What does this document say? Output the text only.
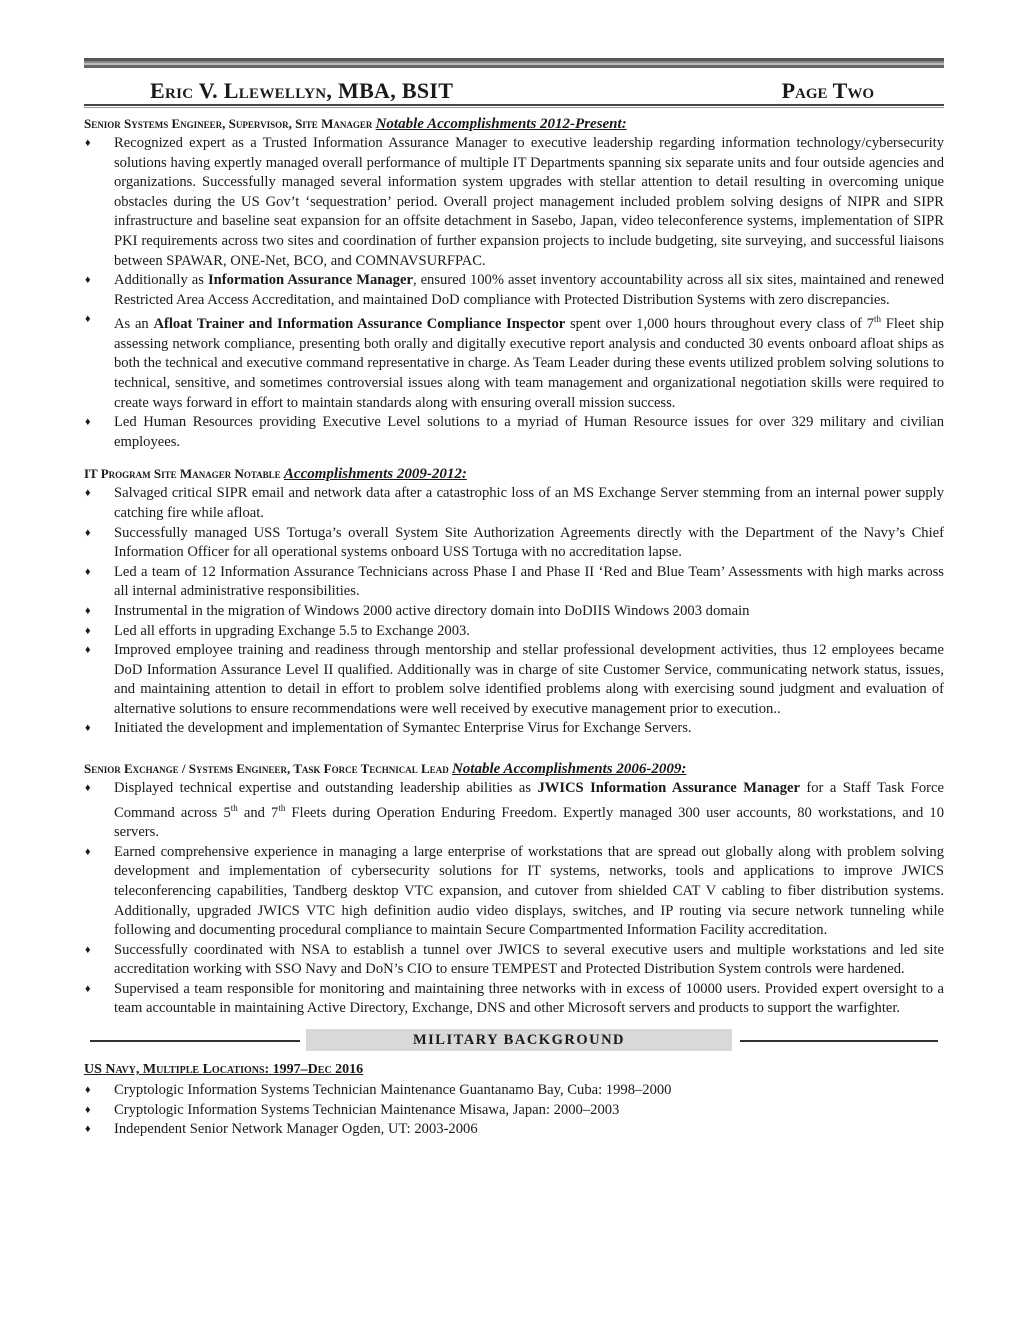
Eric V. Llewellyn, MBA, BSIT	Page Two
Senior Systems Engineer, Supervisor, Site Manager Notable Accomplishments 2012-Present:
♦ Recognized expert as a Trusted Information Assurance Manager to executive leadership regarding information technology/cybersecurity solutions having expertly managed overall performance of multiple IT Departments spanning six separate units and four outside agencies and organizations. Successfully managed several information system upgrades with stellar attention to detail resulting in overcoming unique obstacles during the US Gov’t ‘sequestration’ period. Overall project management included problem solving designs of NIPR and SIPR infrastructure and baseline seat expansion for an offsite detachment in Sasebo, Japan, video teleconference systems, implementation of SIPR PKI requirements across two sites and coordination of further expansion projects to include budgeting, site surveying, and successful liaisons between SPAWAR, ONE-Net, BCO, and COMNAVSURFPAC.
♦ Additionally as Information Assurance Manager, ensured 100% asset inventory accountability across all six sites, maintained and renewed Restricted Area Access Accreditation, and maintained DoD compliance with Protected Distribution Systems with zero discrepancies.
♦ As an Afloat Trainer and Information Assurance Compliance Inspector spent over 1,000 hours throughout every class of 7th Fleet ship assessing network compliance, presenting both orally and digitally executive report analysis and conducted 30 events onboard afloat ships as both the technical and executive command representative in charge. As Team Leader during these events utilized problem solving solutions to technical, sensitive, and sometimes controversial issues along with team management and organizational negotiation skills were required to create ways forward in effort to maintain standards along with ensuring overall mission success.
♦ Led Human Resources providing Executive Level solutions to a myriad of Human Resource issues for over 329 military and civilian employees.
IT Program Site Manager Notable Accomplishments 2009-2012:
♦ Salvaged critical SIPR email and network data after a catastrophic loss of an MS Exchange Server stemming from an internal power supply catching fire while afloat.
♦ Successfully managed USS Tortuga’s overall System Site Authorization Agreements directly with the Department of the Navy’s Chief Information Officer for all operational systems onboard USS Tortuga with no accreditation lapse.
♦ Led a team of 12 Information Assurance Technicians across Phase I and Phase II ‘Red and Blue Team’ Assessments with high marks across all internal administrative responsibilities.
♦ Instrumental in the migration of Windows 2000 active directory domain into DoDIIS Windows 2003 domain
♦ Led all efforts in upgrading Exchange 5.5 to Exchange 2003.
♦ Improved employee training and readiness through mentorship and stellar professional development activities, thus 12 employees became DoD Information Assurance Level II qualified. Additionally was in charge of site Customer Service, communicating network status, issues, and maintaining attention to detail in effort to problem solve identified problems along with exercising sound judgment and evaluation of alternative solutions to ensure recommendations were well received by executive management prior to execution..
♦ Initiated the development and implementation of Symantec Enterprise Virus for Exchange Servers.
Senior Exchange / Systems Engineer, Task Force Technical Lead Notable Accomplishments 2006-2009:
♦ Displayed technical expertise and outstanding leadership abilities as JWICS Information Assurance Manager for a Staff Task Force Command across 5th and 7th Fleets during Operation Enduring Freedom. Expertly managed 300 user accounts, 80 workstations, and 10 servers.
♦ Earned comprehensive experience in managing a large enterprise of workstations that are spread out globally along with problem solving development and implementation of cybersecurity solutions for IT systems, networks, tools and applications to improve JWICS teleconferencing capabilities, Tandberg desktop VTC expansion, and cutover from shielded CAT V cabling to fiber distribution systems. Additionally, upgraded JWICS VTC high definition audio video displays, switches, and IP routing via secure network tunneling while following and documenting procedural compliance to maintain Secure Compartmented Information Facility accreditation.
♦ Successfully coordinated with NSA to establish a tunnel over JWICS to several executive users and multiple workstations and led site accreditation working with SSO Navy and DoN’s CIO to ensure TEMPEST and Protected Distribution System controls were hardened.
♦ Supervised a team responsible for monitoring and maintaining three networks with in excess of 10000 users. Provided expert oversight to a team accountable in maintaining Active Directory, Exchange, DNS and other Microsoft servers and products to support the warfighter.
MILITARY BACKGROUND
US Navy, Multiple Locations: 1997–Dec 2016
♦ Cryptologic Information Systems Technician Maintenance Guantanamo Bay, Cuba: 1998–2000
♦ Cryptologic Information Systems Technician Maintenance Misawa, Japan: 2000–2003
♦ Independent Senior Network Manager Ogden, UT: 2003-2006
